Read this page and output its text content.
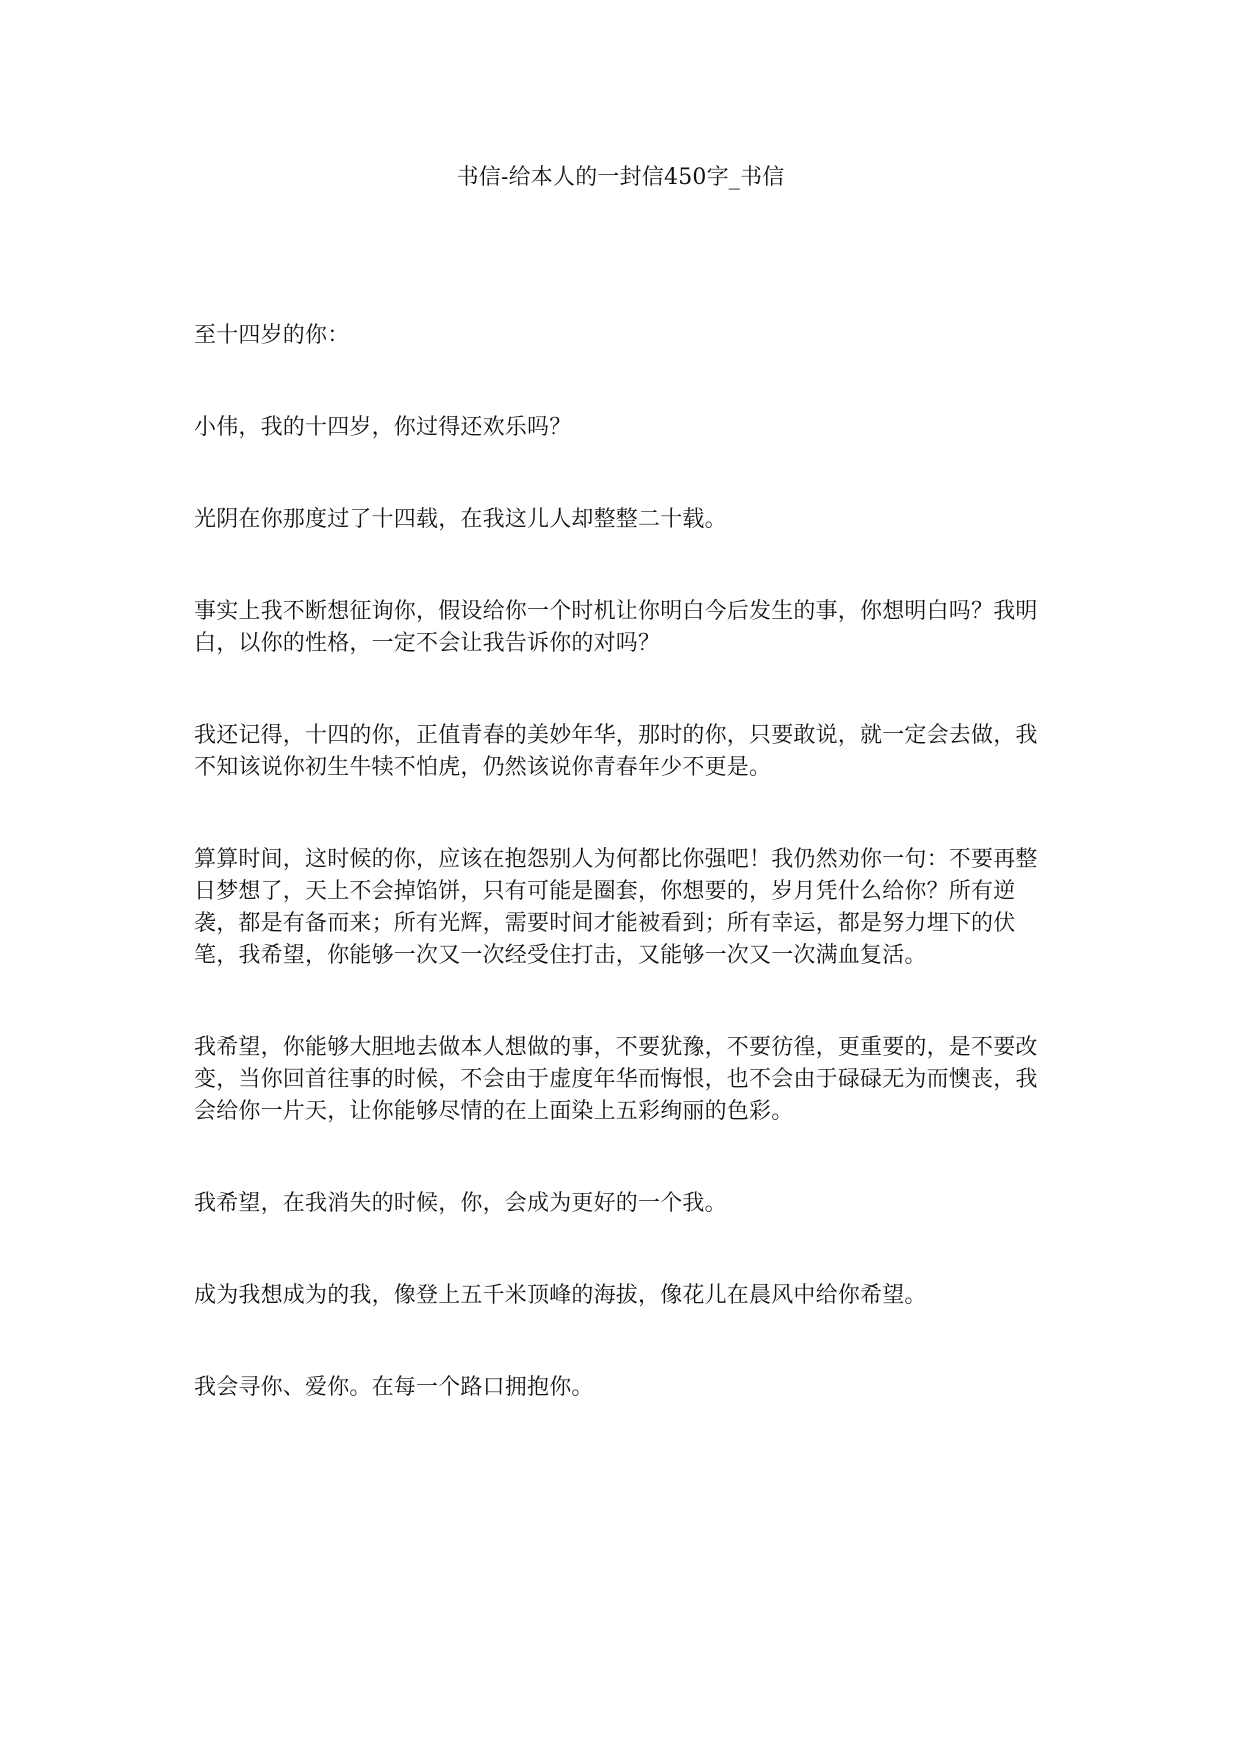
书信-给本人的一封信450字_书信

至十四岁的你：

小伟，我的十四岁，你过得还欢乐吗？

光阴在你那度过了十四载，在我这儿人却整整二十载。

事实上我不断想征询你，假设给你一个时机让你明白今后发生的事，你想明白吗？我明白，以你的性格，一定不会让我告诉你的对吗？

我还记得，十四的你，正值青春的美妙年华，那时的你，只要敢说，就一定会去做，我不知该说你初生牛犊不怕虎，仍然该说你青春年少不更是。

算算时间，这时候的你，应该在抱怨别人为何都比你强吧！我仍然劝你一句：不要再整日梦想了，天上不会掉馅饼，只有可能是圈套，你想要的，岁月凭什么给你？所有逆袭，都是有备而来；所有光辉，需要时间才能被看到；所有幸运，都是努力埋下的伏笔，我希望，你能够一次又一次经受住打击，又能够一次又一次满血复活。

我希望，你能够大胆地去做本人想做的事，不要犹豫，不要彷徨，更重要的，是不要改变，当你回首往事的时候，不会由于虚度年华而悔恨，也不会由于碌碌无为而懊丧，我会给你一片天，让你能够尽情的在上面染上五彩绚丽的色彩。

我希望，在我消失的时候，你，会成为更好的一个我。

成为我想成为的我，像登上五千米顶峰的海拔，像花儿在晨风中给你希望。

我会寻你、爱你。在每一个路口拥抱你。
